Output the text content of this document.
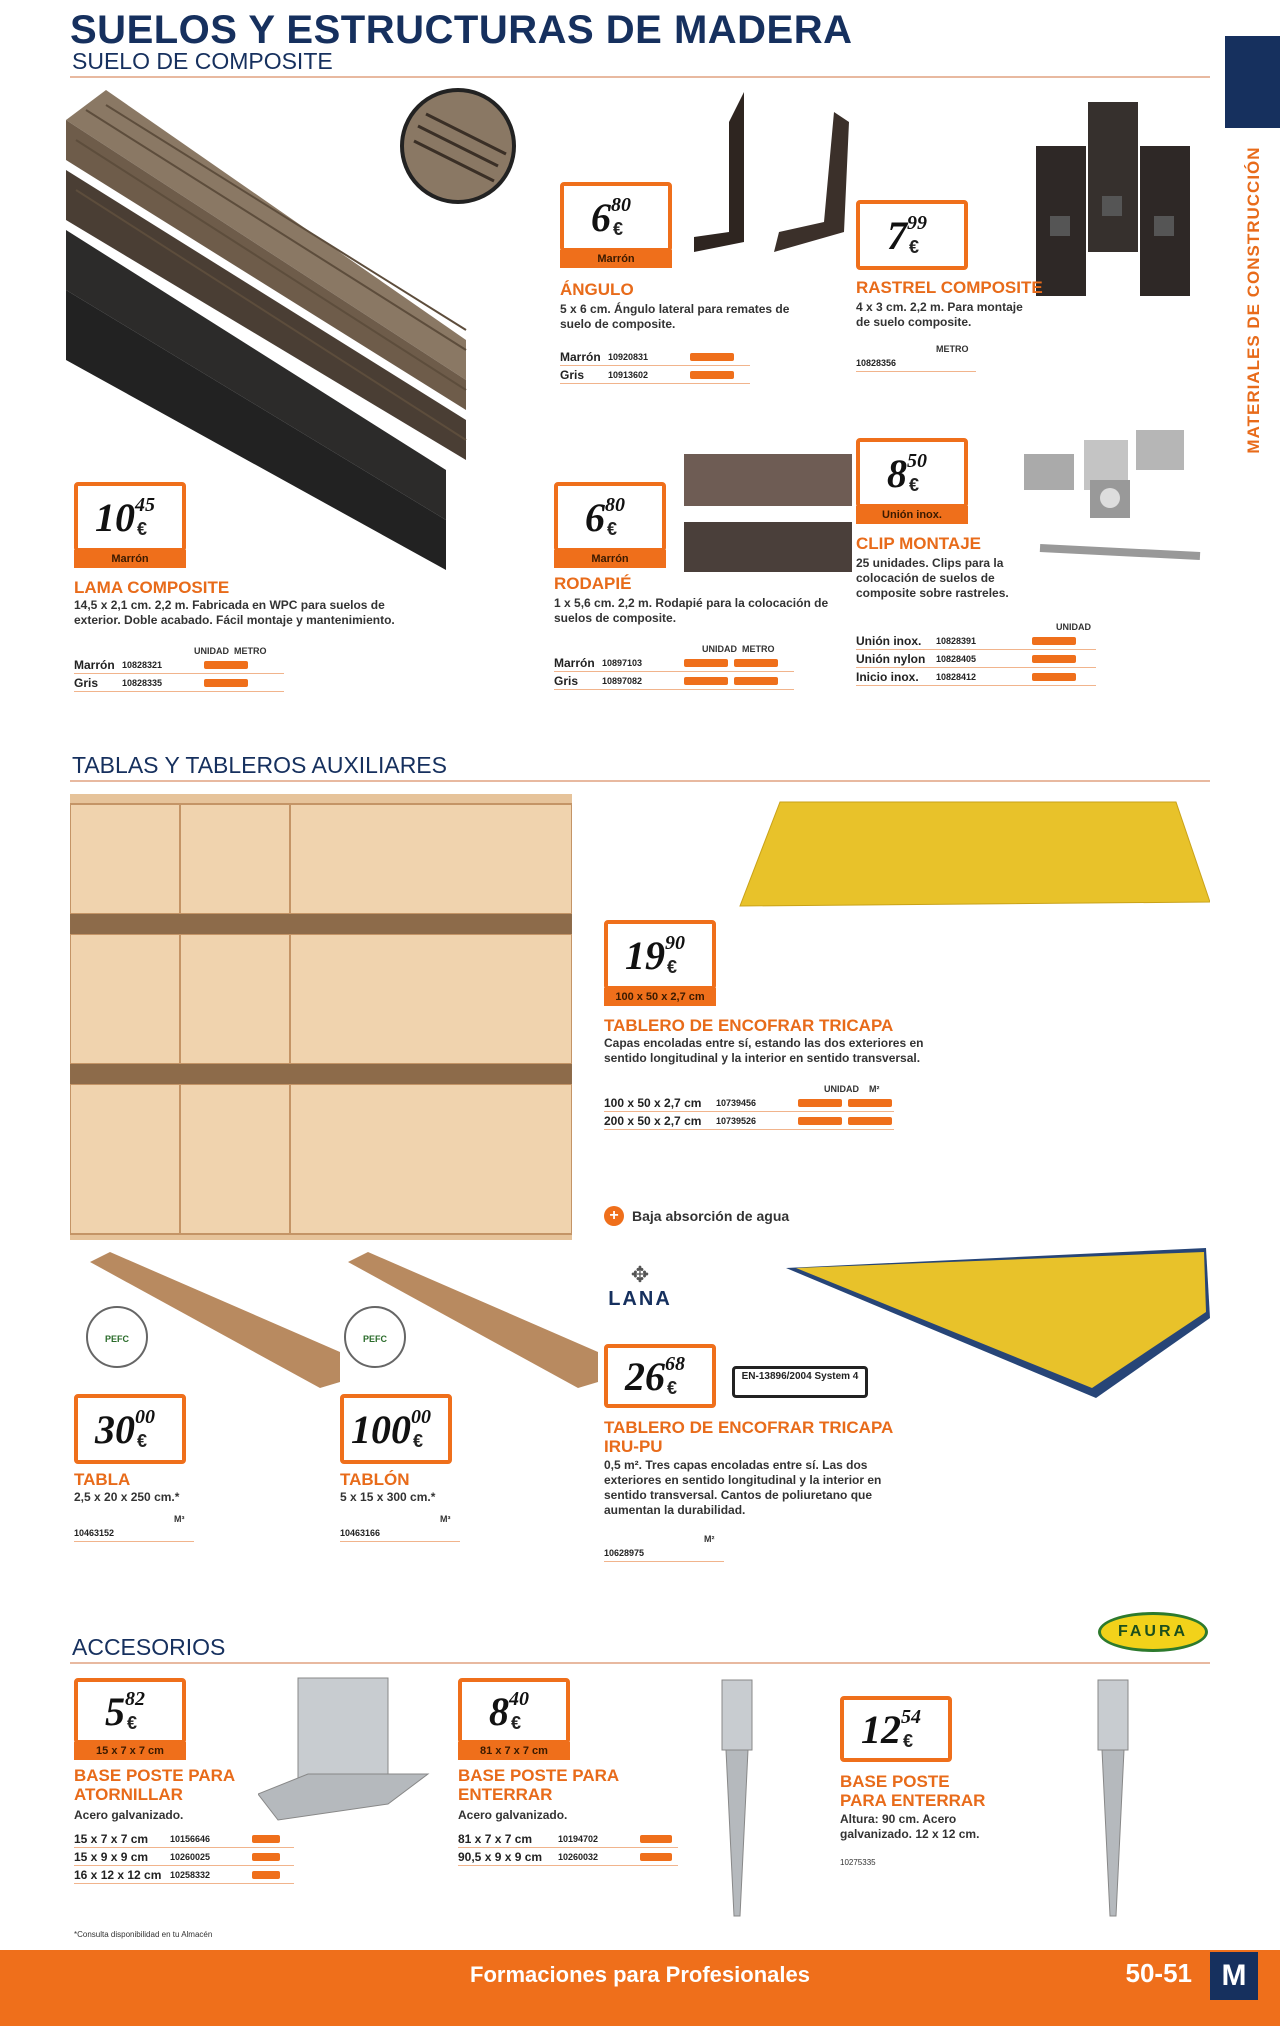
SUELOS Y ESTRUCTURAS DE MADERA
SUELO DE COMPOSITE
MATERIALES DE CONSTRUCCIÓN
10 45
€
Marrón
LAMA COMPOSITE
14,5 x 2,1 cm. 2,2 m. Fabricada en WPC para suelos de exterior. Doble acabado. Fácil montaje y mantenimiento.
UNIDAD METRO
Marrón 10828321
Gris	10828335
6 80
€
Marrón
ÁNGULO
5 x 6 cm. Ángulo lateral para remates de suelo de composite.
Marrón 10920831
Gris	10913602
7 99
€
RASTREL COMPOSITE
4 x 3 cm. 2,2 m. Para montaje de suelo composite.
METRO
10828356
6 80
€
Marrón
RODAPIÉ
1 x 5,6 cm. 2,2 m. Rodapié para la colocación de suelos de composite.
UNIDAD METRO
Marrón 10897103
Gris	10897082
8 50
€
Unión inox.
CLIP MONTAJE
25 unidades. Clips para la colocación de suelos de composite sobre rastreles.
UNIDAD
Unión inox.	10828391
Unión nylon	10828405
Inicio inox.	10828412
TABLAS Y TABLEROS AUXILIARES
19 90
€
100 x 50 x 2,7 cm
TABLERO DE ENCOFRAR TRICAPA
Capas encoladas entre sí, estando las dos exteriores en sentido longitudinal y la interior en sentido transversal.
UNIDAD M²
100 x 50 x 2,7 cm	10739456
200 x 50 x 2,7 cm	10739526
+ Baja absorción de agua
✥
LANA
26 68
€
EN-13896/2004 System 4
TABLERO DE ENCOFRAR TRICAPA IRU-PU
0,5 m². Tres capas encoladas entre sí. Las dos exteriores en sentido longitudinal y la interior en sentido transversal. Cantos de poliuretano que aumentan la durabilidad.
M²
10628975
PEFC	PEFC
30 00
€
TABLA
2,5 x 20 x 250 cm.*
M³
10463152
100 00
€
TABLÓN
5 x 15 x 300 cm.*
M³
10463166
ACCESORIOS
FAURA
5 82
€
15 x 7 x 7 cm
BASE POSTE PARA ATORNILLAR
Acero galvanizado.
15 x 7 x 7 cm	10156646
15 x 9 x 9 cm	10260025
16 x 12 x 12 cm 10258332
*Consulta disponibilidad en tu Almacén
8 40
€
81 x 7 x 7 cm
BASE POSTE PARA ENTERRAR
Acero galvanizado.
81 x 7 x 7 cm	10194702
90,5 x 9 x 9 cm	10260032
12 54
€
BASE POSTE PARA ENTERRAR
Altura: 90 cm. Acero galvanizado. 12 x 12 cm.
10275335
Formaciones para Profesionales	50-51 M
